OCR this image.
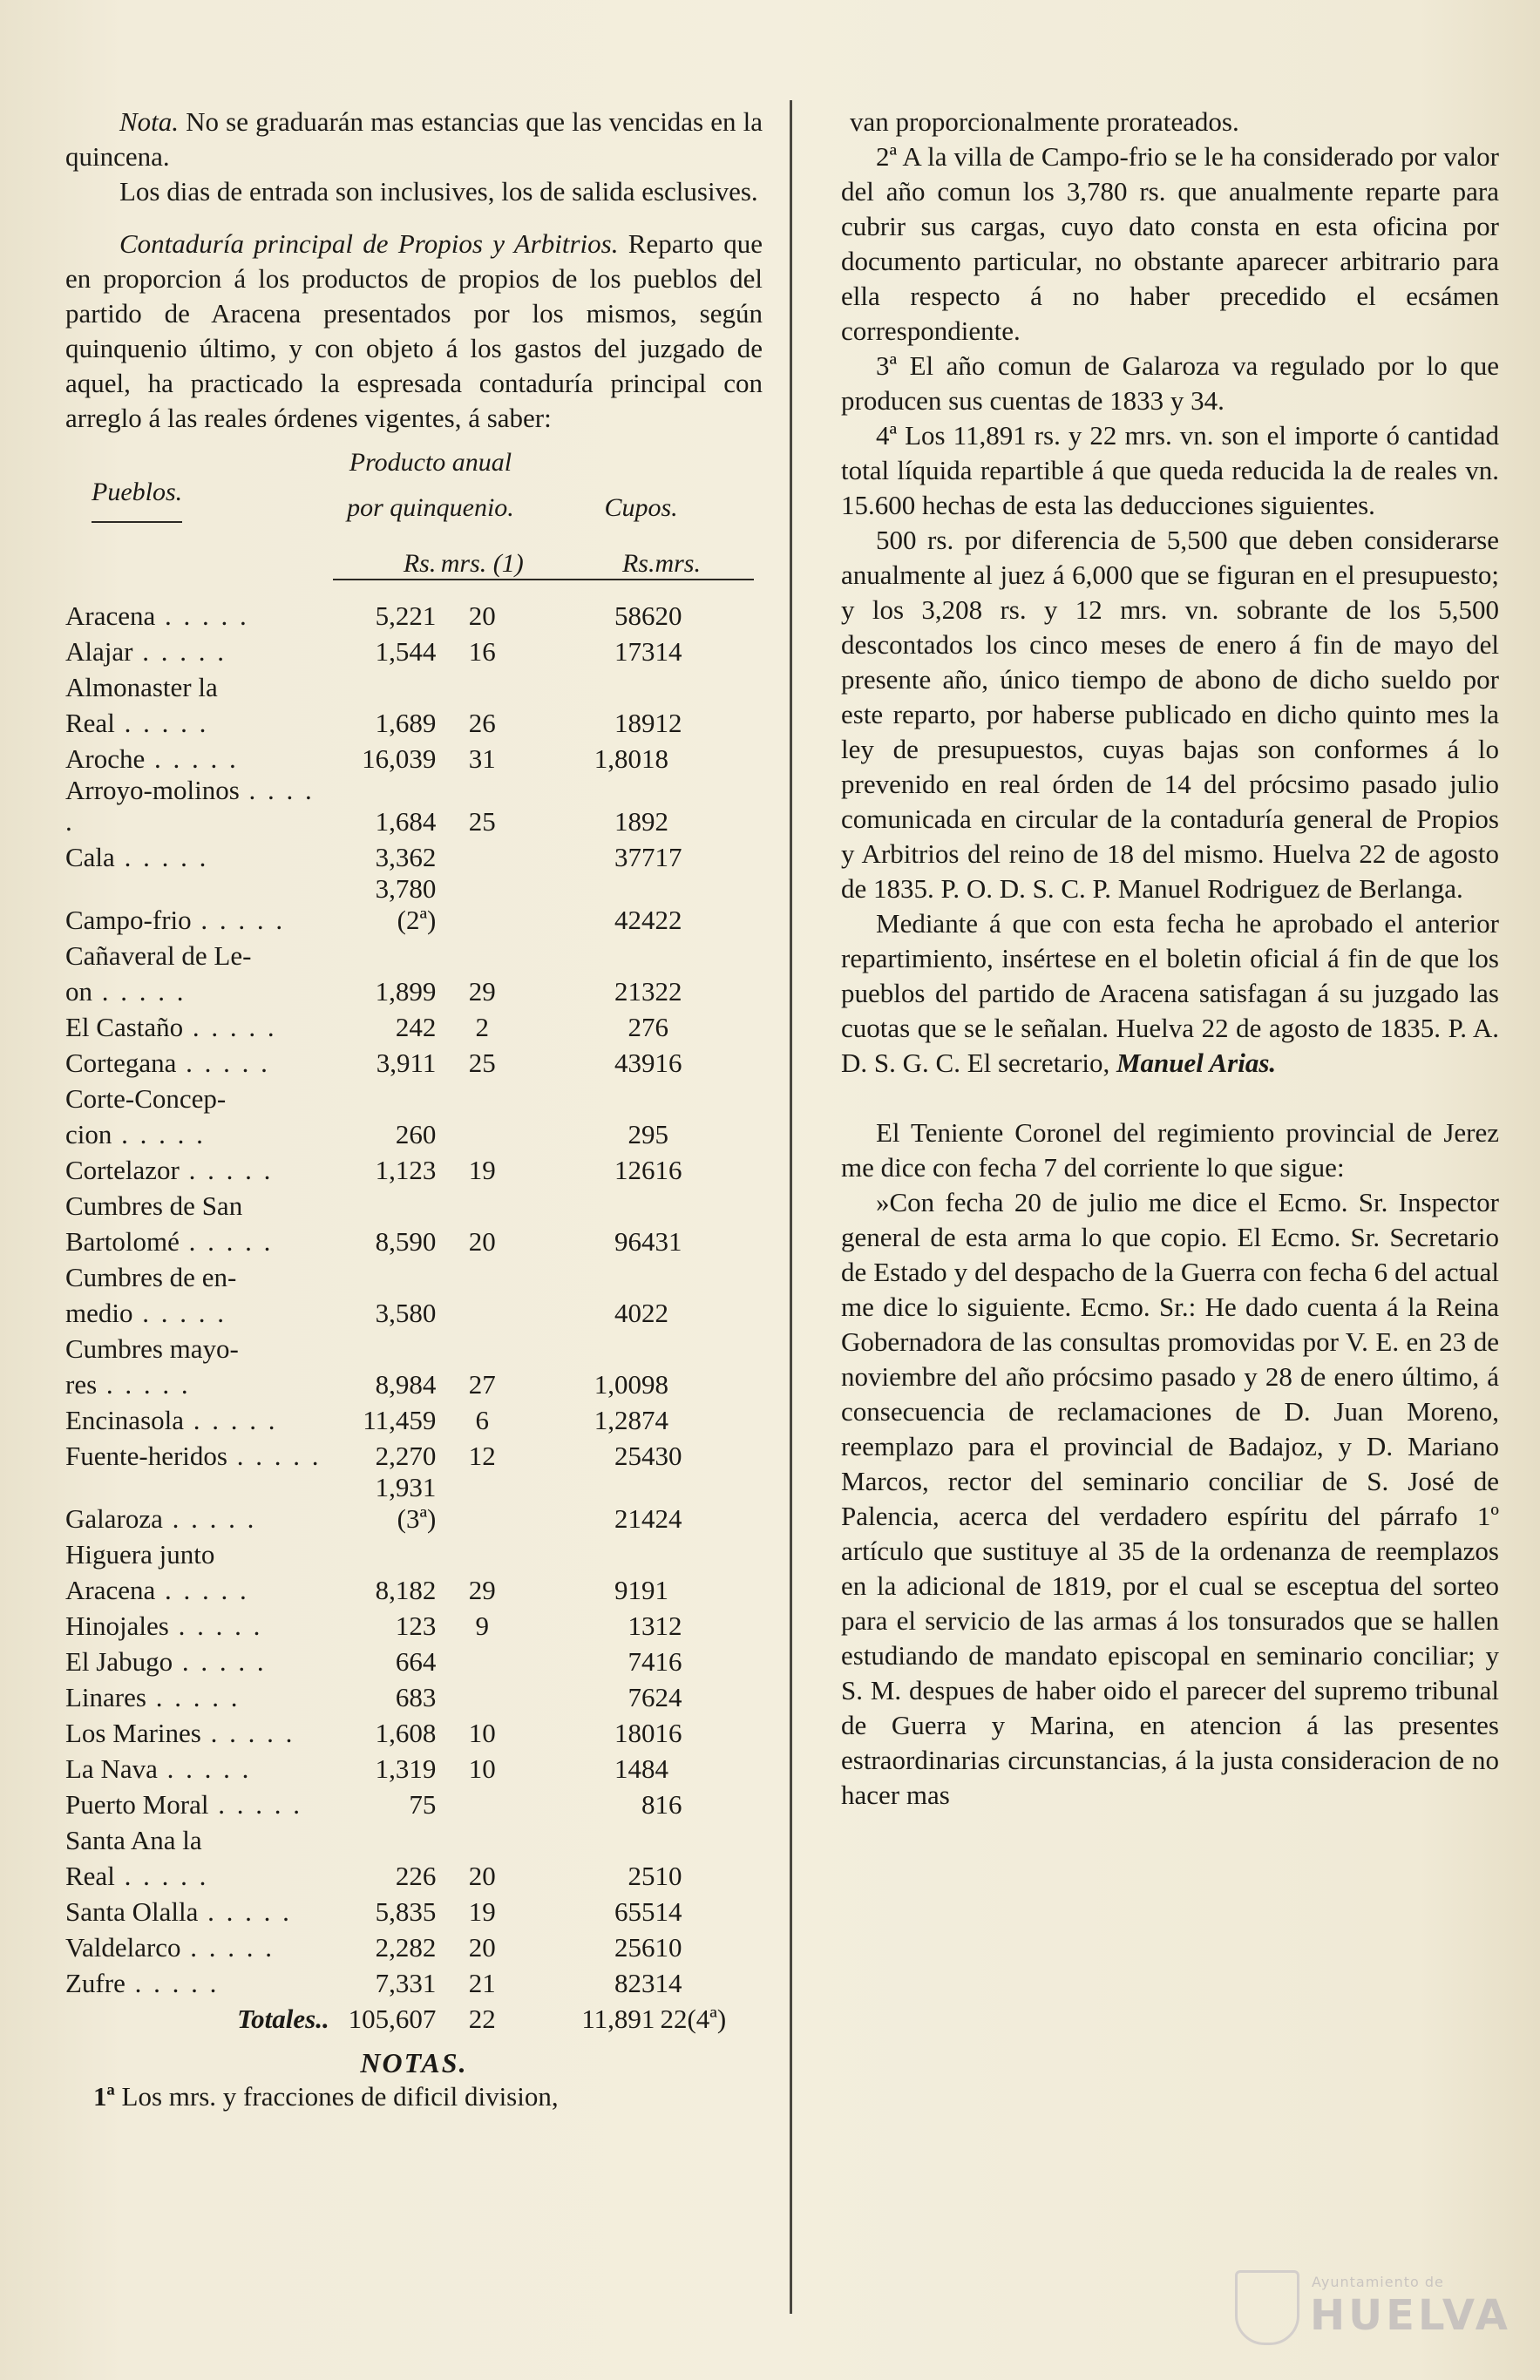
Nota. No se graduarán mas estancias que las vencidas en la quincena.

Los dias de entrada son inclusives, los de salida esclusives.

Contaduría principal de Propios y Arbitrios. Reparto que en proporcion á los productos de propios de los pueblos del partido de Aracena presentados por los mismos, según quinquenio último, y con objeto á los gastos del juzgado de aquel, ha practicado la espresada contaduría principal con arreglo á las reales órdenes vigentes, á saber:

	Producto anual			
Pueblos.	por quinquenio.		Cupos.	
	Rs.	mrs. (1)	Rs.	mrs.

Aracena . . . . .	5,221	20	586	20
Alajar . . . . .	1,544	16	173	14
Almonaster la				
Real . . . . .	1,689	26	189	12
Aroche . . . . .	16,039	31	1,801	8
Arroyo-molinos . . . . .	1,684	25	189	2
Cala . . . . .	3,362		377	17
Campo-frio . . . . .	3,780 (2ª)		424	22
Cañaveral de Le-				
on . . . . .	1,899	29	213	22
El Castaño . . . . .	242	2	27	6
Cortegana . . . . .	3,911	25	439	16
Corte-Concep-				
cion . . . . .	260		29	5
Cortelazor . . . . .	1,123	19	126	16
Cumbres de San				
Bartolomé . . . . .	8,590	20	964	31
Cumbres de en-				
medio . . . . .	3,580		402	2
Cumbres mayo-				
res . . . . .	8,984	27	1,009	8
Encinasola . . . . .	11,459	6	1,287	4
Fuente-heridos . . . . .	2,270	12	254	30
Galaroza . . . . .	1,931 (3ª)		214	24
Higuera junto				
Aracena . . . . .	8,182	29	919	1
Hinojales . . . . .	123	9	13	12
El Jabugo . . . . .	664		74	16
Linares . . . . .	683		76	24
Los Marines . . . . .	1,608	10	180	16
La Nava . . . . .	1,319	10	148	4
Puerto Moral . . . . .	75		8	16
Santa Ana la				
Real . . . . .	226	20	25	10
Santa Olalla . . . . .	5,835	19	655	14
Valdelarco . . . . .	2,282	20	256	10
Zufre . . . . .	7,331	21	823	14
Totales..	105,607	22	11,891	22(4ª)
NOTAS.

1ª Los mrs. y fracciones de dificil division,

van proporcionalmente prorateados.

2ª A la villa de Campo-frio se le ha considerado por valor del año comun los 3,780 rs. que anualmente reparte para cubrir sus cargas, cuyo dato consta en esta oficina por documento particular, no obstante aparecer arbitrario para ella respecto á no haber precedido el ecsámen correspondiente.

3ª El año comun de Galaroza va regulado por lo que producen sus cuentas de 1833 y 34.

4ª Los 11,891 rs. y 22 mrs. vn. son el importe ó cantidad total líquida repartible á que queda reducida la de reales vn. 15.600 hechas de esta las deducciones siguientes.

500 rs. por diferencia de 5,500 que deben considerarse anualmente al juez á 6,000 que se figuran en el presupuesto; y los 3,208 rs. y 12 mrs. vn. sobrante de los 5,500 descontados los cinco meses de enero á fin de mayo del presente año, único tiempo de abono de dicho sueldo por este reparto, por haberse publicado en dicho quinto mes la ley de presupuestos, cuyas bajas son conformes á lo prevenido en real órden de 14 del prócsimo pasado julio comunicada en circular de la contaduría general de Propios y Arbitrios del reino de 18 del mismo. Huelva 22 de agosto de 1835. P. O. D. S. C. P. Manuel Rodriguez de Berlanga.

Mediante á que con esta fecha he aprobado el anterior repartimiento, insértese en el boletin oficial á fin de que los pueblos del partido de Aracena satisfagan á su juzgado las cuotas que se le señalan. Huelva 22 de agosto de 1835. P. A. D. S. G. C. El secretario, Manuel Arias.

El Teniente Coronel del regimiento provincial de Jerez me dice con fecha 7 del corriente lo que sigue:

»Con fecha 20 de julio me dice el Ecmo. Sr. Inspector general de esta arma lo que copio. El Ecmo. Sr. Secretario de Estado y del despacho de la Guerra con fecha 6 del actual me dice lo siguiente. Ecmo. Sr.: He dado cuenta á la Reina Gobernadora de las consultas promovidas por V. E. en 23 de noviembre del año prócsimo pasado y 28 de enero último, á consecuencia de reclamaciones de D. Juan Moreno, reemplazo para el provincial de Badajoz, y D. Mariano Marcos, rector del seminario conciliar de S. José de Palencia, acerca del verdadero espíritu del párrafo 1º artículo que sustituye al 35 de la ordenanza de reemplazos en la adicional de 1819, por el cual se esceptua del sorteo para el servicio de las armas á los tonsurados que se hallen estudiando de mandato episcopal en seminario conciliar; y S. M. despues de haber oido el parecer del supremo tribunal de Guerra y Marina, en atencion á las presentes estraordinarias circunstancias, á la justa consideracion de no hacer mas

Ayuntamiento de
HUELVA
